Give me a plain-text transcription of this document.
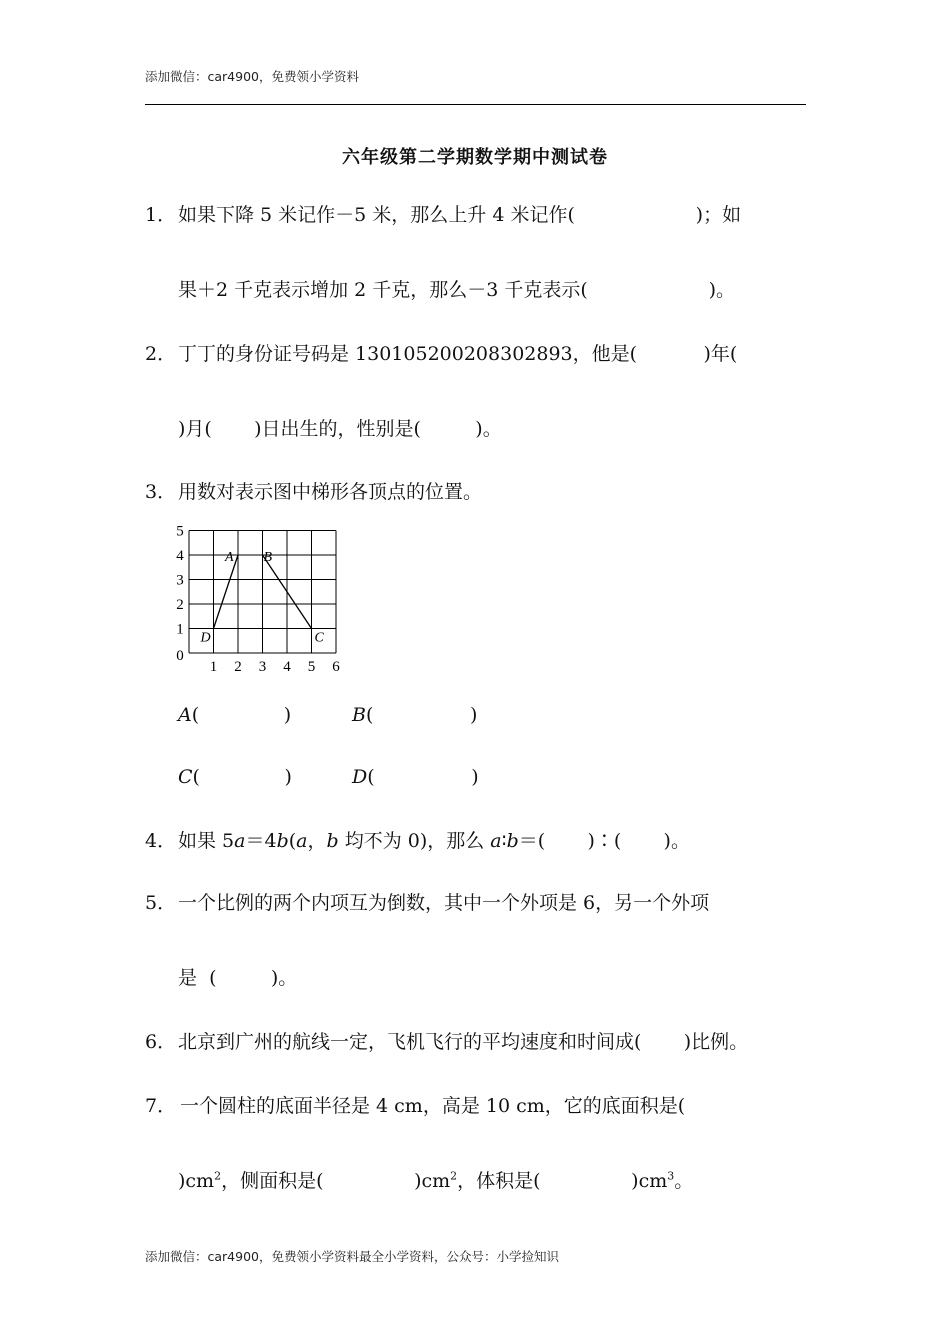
添加微信：car4900，免费领小学资料
六年级第二学期数学期中测试卷
1． 如果下降 5 米记作－5 米，那么上升 4 米记作(                    )；如
果＋2 千克表示增加 2 千克，那么－3 千克表示(                    )。
2． 丁丁的身份证号码是 130105200208302893，他是(           )年(
)月(       )日出生的，性别是(         )。
3． 用数对表示图中梯形各顶点的位置。
1 2 3 4 5 6
0
1
2
3
4
5
A B
C
D
A(              )	B(                )
C(              )	D(                )
4． 如果 5a＝4b(a，b 均不为 0)，那么 a∶b＝(       )∶(       )。
5． 一个比例的两个内项互为倒数，其中一个外项是 6，另一个外项
是  (         )。
6． 北京到广州的航线一定，飞机飞行的平均速度和时间成(       )比例。
7． 一个圆柱的底面半径是 4 cm，高是 10 cm，它的底面积是(
)$cm^2$，侧面积是(               )$cm^2$，体积是(               )$cm^3$。
添加微信：car4900，免费领小学资料最全小学资料，公众号：小学捡知识
